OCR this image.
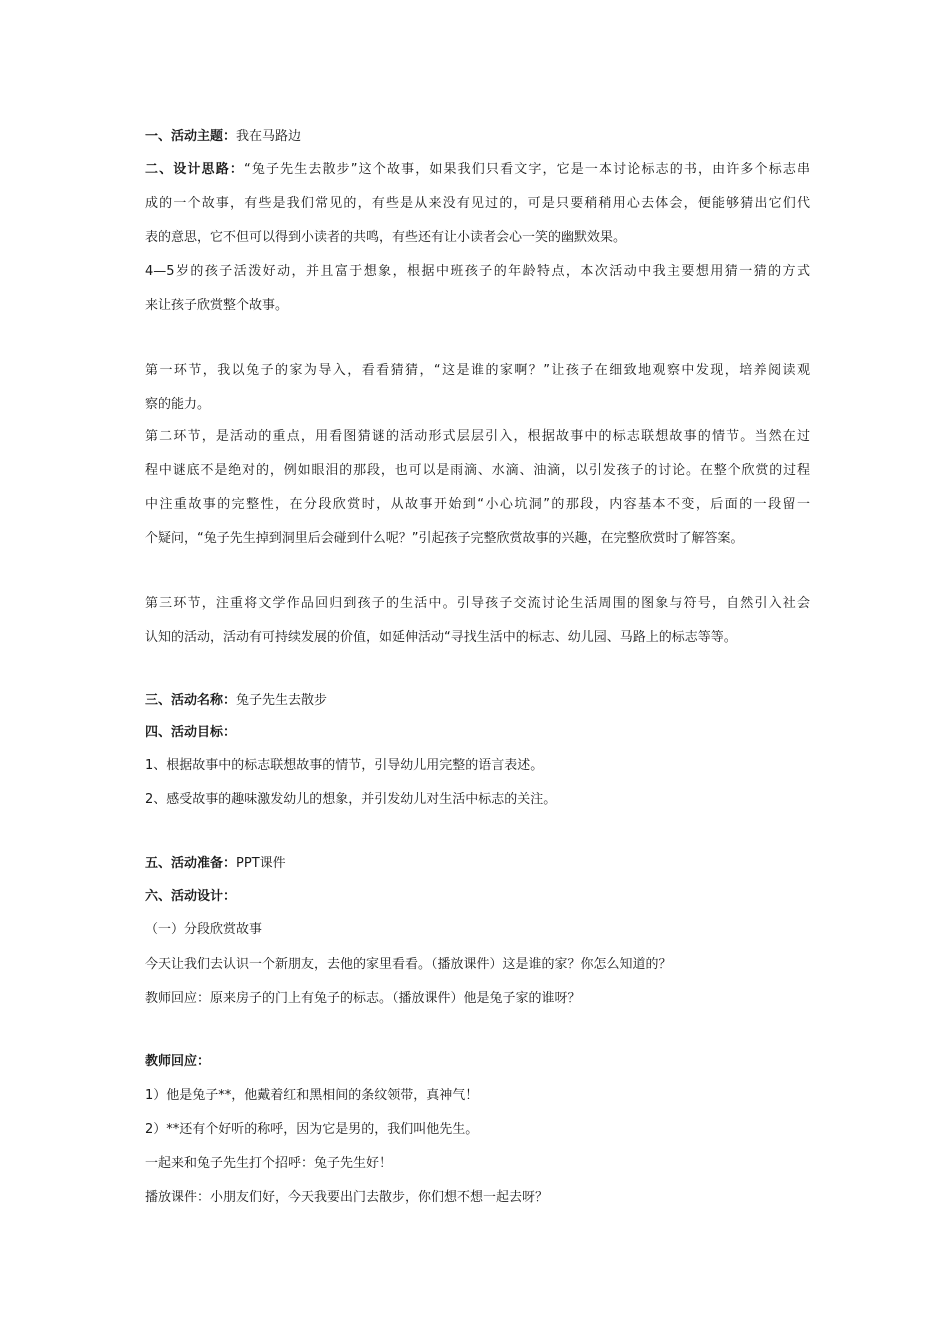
一、活动主题：我在马路边
二、设计思路：“兔子先生去散步”这个故事，如果我们只看文字，它是一本讨论标志的书，由许多个标志串
成的一个故事，有些是我们常见的，有些是从来没有见过的，可是只要稍稍用心去体会，便能够猜出它们代
表的意思，它不但可以得到小读者的共鸣，有些还有让小读者会心一笑的幽默效果。
4—5岁的孩子活泼好动，并且富于想象，根据中班孩子的年龄特点，本次活动中我主要想用猜一猜的方式
来让孩子欣赏整个故事。
第一环节，我以兔子的家为导入，看看猜猜，“这是谁的家啊？”让孩子在细致地观察中发现，培养阅读观
察的能力。
第二环节，是活动的重点，用看图猜谜的活动形式层层引入，根据故事中的标志联想故事的情节。当然在过
程中谜底不是绝对的，例如眼泪的那段，也可以是雨滴、水滴、油滴，以引发孩子的讨论。在整个欣赏的过程
中注重故事的完整性，在分段欣赏时，从故事开始到“小心坑洞”的那段，内容基本不变，后面的一段留一
个疑问，“兔子先生掉到洞里后会碰到什么呢？”引起孩子完整欣赏故事的兴趣，在完整欣赏时了解答案。
第三环节，注重将文学作品回归到孩子的生活中。引导孩子交流讨论生活周围的图象与符号，自然引入社会
认知的活动，活动有可持续发展的价值，如延伸活动“寻找生活中的标志、幼儿园、马路上的标志等等。
三、活动名称：兔子先生去散步
四、活动目标：
1、根据故事中的标志联想故事的情节，引导幼儿用完整的语言表述。
2、感受故事的趣味激发幼儿的想象，并引发幼儿对生活中标志的关注。
五、活动准备：PPT课件
六、活动设计：
（一）分段欣赏故事
今天让我们去认识一个新朋友，去他的家里看看。（播放课件）这是谁的家？你怎么知道的？
教师回应：原来房子的门上有兔子的标志。（播放课件）他是兔子家的谁呀？
教师回应：
1）他是兔子**，他戴着红和黑相间的条纹领带，真神气！
2）**还有个好听的称呼，因为它是男的，我们叫他先生。
一起来和兔子先生打个招呼：兔子先生好！
播放课件：小朋友们好，今天我要出门去散步，你们想不想一起去呀？
